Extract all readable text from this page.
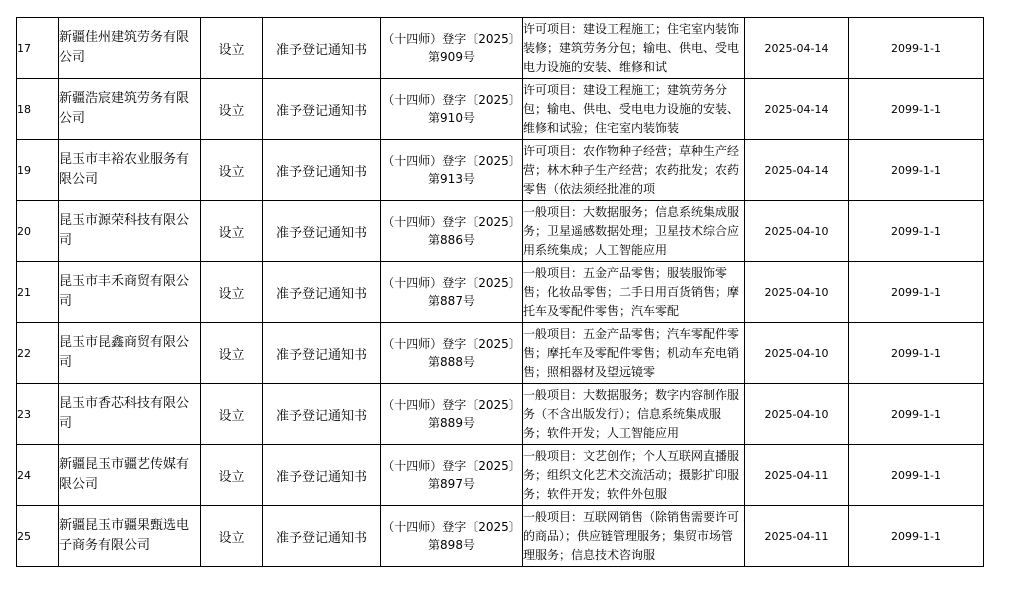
17	新疆佳州建筑劳务有限公司	设立	准予登记通知书	（十四师）登字〔2025〕第909号	许可项目：建设工程施工；住宅室内装饰装修；建筑劳务分包；输电、供电、受电电力设施的安装、维修和试	2025-04-14	2099-1-1
18	新疆浩宸建筑劳务有限公司	设立	准予登记通知书	（十四师）登字〔2025〕第910号	许可项目：建设工程施工；建筑劳务分包；输电、供电、受电电力设施的安装、维修和试验；住宅室内装饰装	2025-04-14	2099-1-1
19	昆玉市丰裕农业服务有限公司	设立	准予登记通知书	（十四师）登字〔2025〕第913号	许可项目：农作物种子经营；草种生产经营；林木种子生产经营；农药批发；农药零售（依法须经批准的项	2025-04-14	2099-1-1
20	昆玉市源荣科技有限公司	设立	准予登记通知书	（十四师）登字〔2025〕第886号	一般项目：大数据服务；信息系统集成服务；卫星遥感数据处理；卫星技术综合应用系统集成；人工智能应用	2025-04-10	2099-1-1
21	昆玉市丰禾商贸有限公司	设立	准予登记通知书	（十四师）登字〔2025〕第887号	一般项目：五金产品零售；服装服饰零售；化妆品零售；二手日用百货销售；摩托车及零配件零售；汽车零配	2025-04-10	2099-1-1
22	昆玉市昆鑫商贸有限公司	设立	准予登记通知书	（十四师）登字〔2025〕第888号	一般项目：五金产品零售；汽车零配件零售；摩托车及零配件零售；机动车充电销售；照相器材及望远镜零	2025-04-10	2099-1-1
23	昆玉市香芯科技有限公司	设立	准予登记通知书	（十四师）登字〔2025〕第889号	一般项目：大数据服务；数字内容制作服务（不含出版发行）；信息系统集成服务；软件开发；人工智能应用	2025-04-10	2099-1-1
24	新疆昆玉市疆艺传媒有限公司	设立	准予登记通知书	（十四师）登字〔2025〕第897号	一般项目：文艺创作；个人互联网直播服务；组织文化艺术交流活动；摄影扩印服务；软件开发；软件外包服	2025-04-11	2099-1-1
25	新疆昆玉市疆果甄选电子商务有限公司	设立	准予登记通知书	（十四师）登字〔2025〕第898号	一般项目：互联网销售（除销售需要许可的商品）；供应链管理服务；集贸市场管理服务；信息技术咨询服	2025-04-11	2099-1-1
